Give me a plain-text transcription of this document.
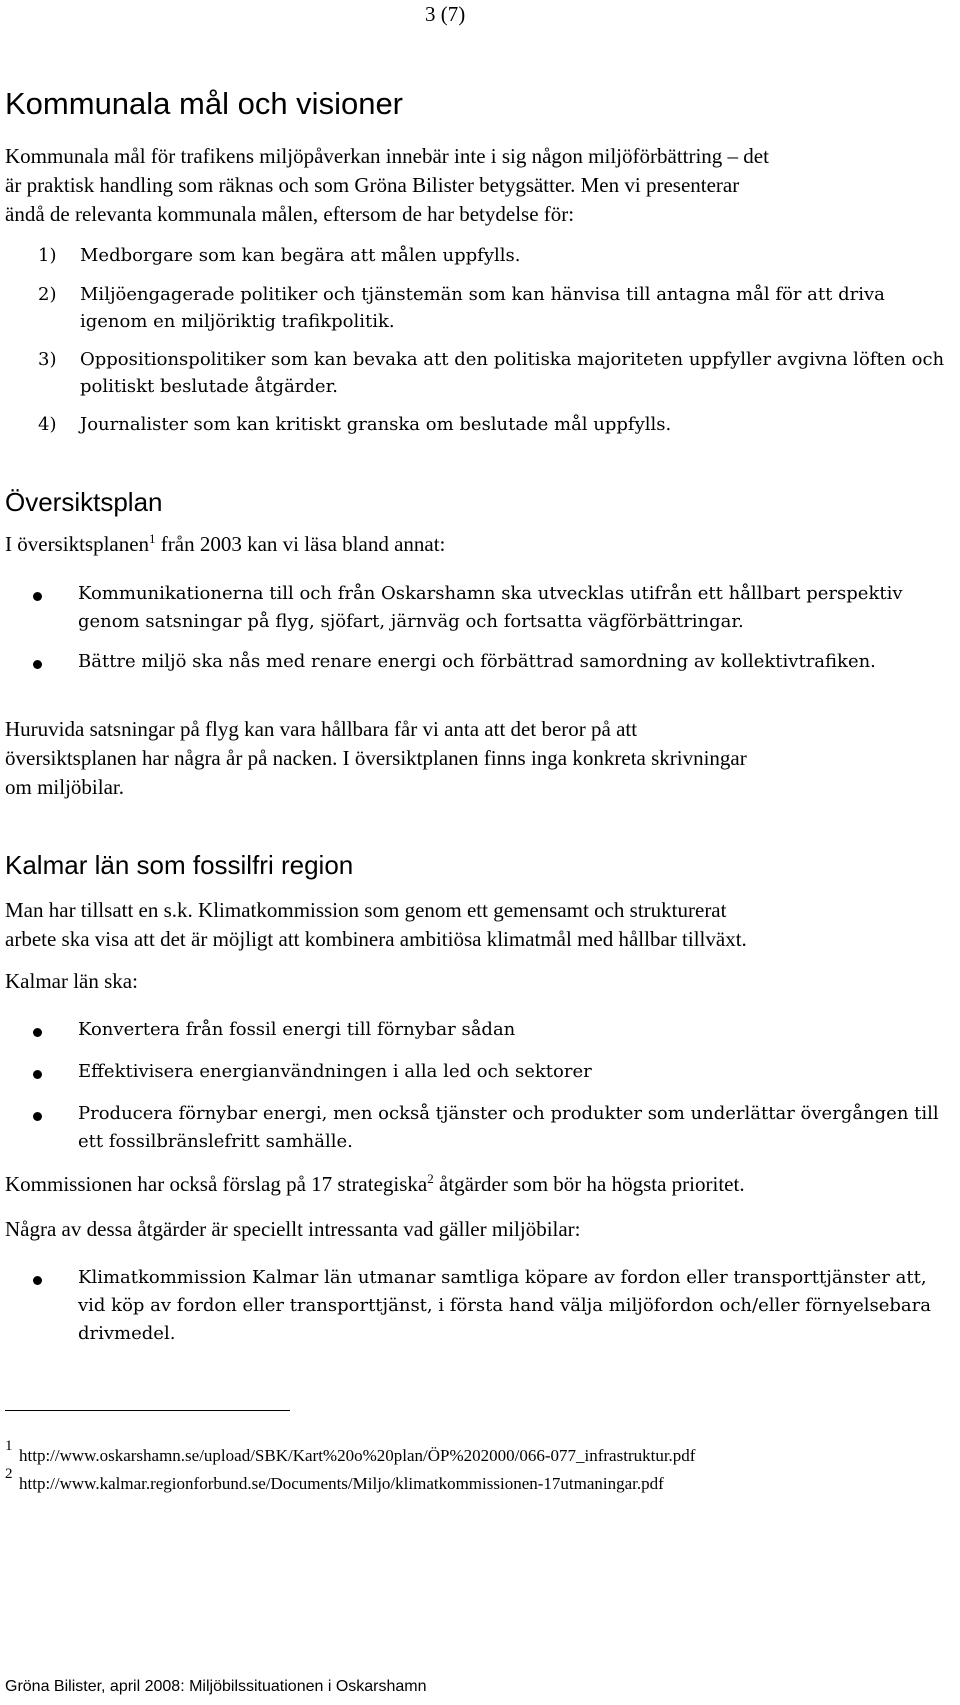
3 (7)
Kommunala mål och visioner

Kommunala mål för trafikens miljöpåverkan innebär inte i sig någon miljöförbättring – det
är praktisk handling som räknas och som Gröna Bilister betygsätter. Men vi presenterar
ändå de relevanta kommunala målen, eftersom de har betydelse för:

1) Medborgare som kan begära att målen uppfylls.
2) Miljöengagerade politiker och tjänstemän som kan hänvisa till antagna mål för att driva igenom en miljöriktig trafikpolitik.
3) Oppositionspolitiker som kan bevaka att den politiska majoriteten uppfyller avgivna löften och politiskt beslutade åtgärder.
4) Journalister som kan kritiskt granska om beslutade mål uppfylls.
Översiktsplan

I översiktsplanen$^1$ från 2003 kan vi läsa bland annat:

Kommunikationerna till och från Oskarshamn ska utvecklas utifrån ett hållbart perspektiv genom satsningar på flyg, sjöfart, järnväg och fortsatta vägförbättringar.
Bättre miljö ska nås med renare energi och förbättrad samordning av kollektivtrafiken.

Huruvida satsningar på flyg kan vara hållbara får vi anta att det beror på att
översiktsplanen har några år på nacken. I översiktplanen finns inga konkreta skrivningar
om miljöbilar.

Kalmar län som fossilfri region

Man har tillsatt en s.k. Klimatkommission som genom ett gemensamt och strukturerat
arbete ska visa att det är möjligt att kombinera ambitiösa klimatmål med hållbar tillväxt.

Kalmar län ska:

Konvertera från fossil energi till förnybar sådan
Effektivisera energianvändningen i alla led och sektorer
Producera förnybar energi, men också tjänster och produkter som underlättar övergången till ett fossilbränslefritt samhälle.

Kommissionen har också förslag på 17 strategiska$^2$ åtgärder som bör ha högsta prioritet.

Några av dessa åtgärder är speciellt intressanta vad gäller miljöbilar:

Klimatkommission Kalmar län utmanar samtliga köpare av fordon eller transporttjänster att, vid köp av fordon eller transporttjänst, i första hand välja miljöfordon och/eller förnyelsebara drivmedel.
1 http://www.oskarshamn.se/upload/SBK/Kart%20o%20plan/ÖP%202000/066-077_infrastruktur.pdf
2 http://www.kalmar.regionforbund.se/Documents/Miljo/klimatkommissionen-17utmaningar.pdf
Gröna Bilister, april 2008: Miljöbilssituationen i Oskarshamn
